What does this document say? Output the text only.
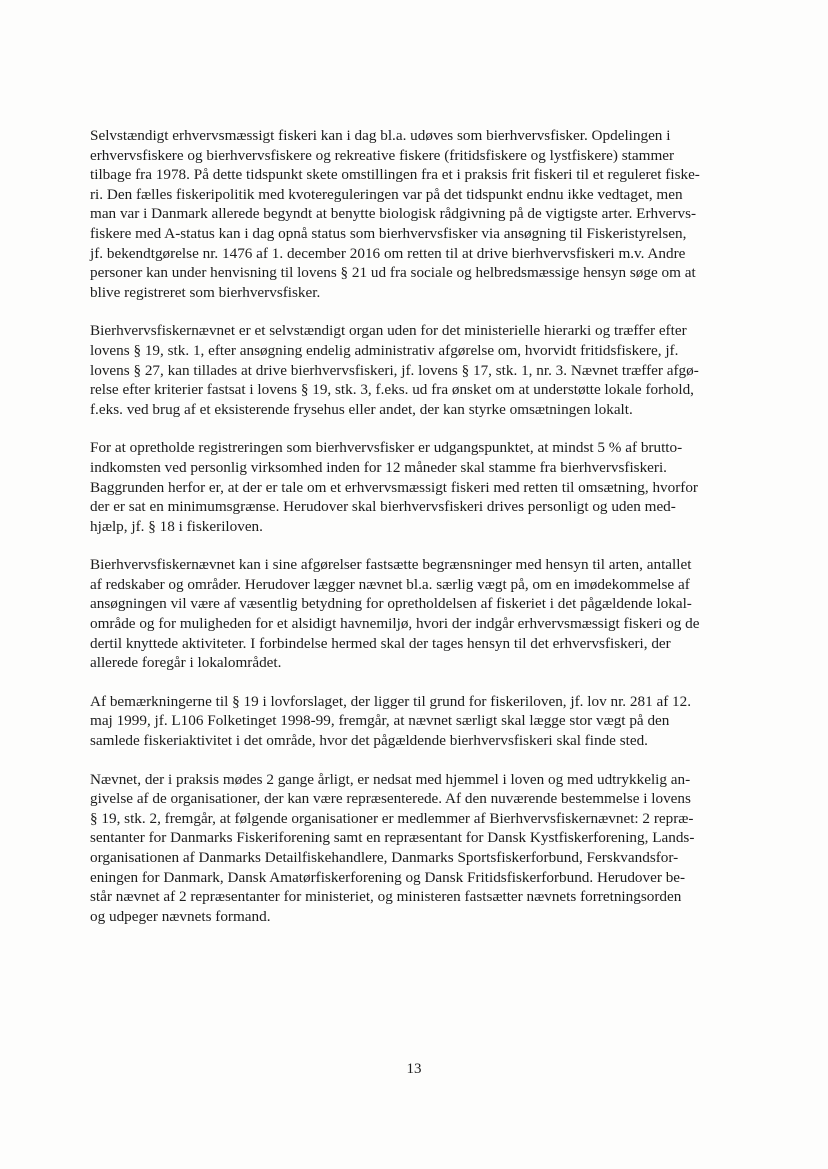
Selvstændigt erhvervsmæssigt fiskeri kan i dag bl.a. udøves som bierhvervsfisker. Opdelingen i
erhvervsfiskere og bierhvervsfiskere og rekreative fiskere (fritidsfiskere og lystfiskere) stammer
tilbage fra 1978. På dette tidspunkt skete omstillingen fra et i praksis frit fiskeri til et reguleret fiske-
ri. Den fælles fiskeripolitik med kvotereguleringen var på det tidspunkt endnu ikke vedtaget, men
man var i Danmark allerede begyndt at benytte biologisk rådgivning på de vigtigste arter. Erhvervs-
fiskere med A-status kan i dag opnå status som bierhvervsfisker via ansøgning til Fiskeristyrelsen,
jf. bekendtgørelse nr. 1476 af 1. december 2016 om retten til at drive bierhvervsfiskeri m.v. Andre
personer kan under henvisning til lovens § 21 ud fra sociale og helbredsmæssige hensyn søge om at
blive registreret som bierhvervsfisker.

Bierhvervsfiskernævnet er et selvstændigt organ uden for det ministerielle hierarki og træffer efter
lovens § 19, stk. 1, efter ansøgning endelig administrativ afgørelse om, hvorvidt fritidsfiskere, jf.
lovens § 27, kan tillades at drive bierhvervsfiskeri, jf. lovens § 17, stk. 1, nr. 3. Nævnet træffer afgø-
relse efter kriterier fastsat i lovens § 19, stk. 3, f.eks. ud fra ønsket om at understøtte lokale forhold,
f.eks. ved brug af et eksisterende frysehus eller andet, der kan styrke omsætningen lokalt.

For at opretholde registreringen som bierhvervsfisker er udgangspunktet, at mindst 5 % af brutto-
indkomsten ved personlig virksomhed inden for 12 måneder skal stamme fra bierhvervsfiskeri.
Baggrunden herfor er, at der er tale om et erhvervsmæssigt fiskeri med retten til omsætning, hvorfor
der er sat en minimumsgrænse. Herudover skal bierhvervsfiskeri drives personligt og uden med-
hjælp, jf. § 18 i fiskeriloven.

Bierhvervsfiskernævnet kan i sine afgørelser fastsætte begrænsninger med hensyn til arten, antallet
af redskaber og områder. Herudover lægger nævnet bl.a. særlig vægt på, om en imødekommelse af
ansøgningen vil være af væsentlig betydning for opretholdelsen af fiskeriet i det pågældende lokal-
område og for muligheden for et alsidigt havnemiljø, hvori der indgår erhvervsmæssigt fiskeri og de
dertil knyttede aktiviteter. I forbindelse hermed skal der tages hensyn til det erhvervsfiskeri, der
allerede foregår i lokalområdet.

Af bemærkningerne til § 19 i lovforslaget, der ligger til grund for fiskeriloven, jf. lov nr. 281 af 12.
maj 1999, jf. L106 Folketinget 1998-99, fremgår, at nævnet særligt skal lægge stor vægt på den
samlede fiskeriaktivitet i det område, hvor det pågældende bierhvervsfiskeri skal finde sted.

Nævnet, der i praksis mødes 2 gange årligt, er nedsat med hjemmel i loven og med udtrykkelig an-
givelse af de organisationer, der kan være repræsenterede. Af den nuværende bestemmelse i lovens
§ 19, stk. 2, fremgår, at følgende organisationer er medlemmer af Bierhvervsfiskernævnet: 2 repræ-
sentanter for Danmarks Fiskeriforening samt en repræsentant for Dansk Kystfiskerforening, Lands-
organisationen af Danmarks Detailfiskehandlere, Danmarks Sportsfiskerforbund, Ferskvandsfor-
eningen for Danmark, Dansk Amatørfiskerforening og Dansk Fritidsfiskerforbund. Herudover be-
står nævnet af 2 repræsentanter for ministeriet, og ministeren fastsætter nævnets forretningsorden
og udpeger nævnets formand.

13
